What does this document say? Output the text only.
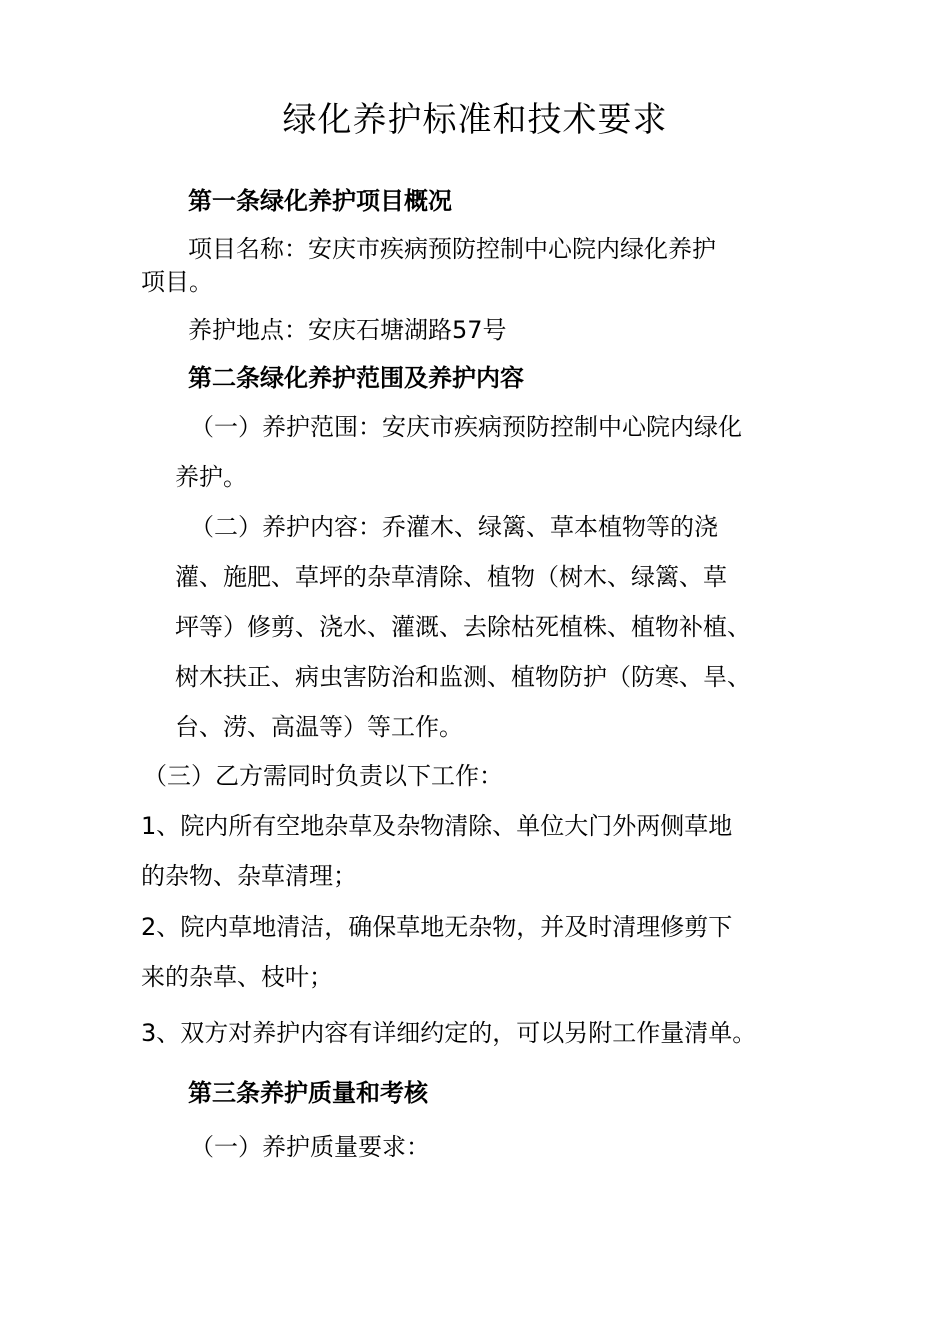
绿化养护标准和技术要求
第一条绿化养护项目概况
项目名称：安庆市疾病预防控制中心院内绿化养护
项目。
养护地点：安庆石塘湖路57号
第二条绿化养护范围及养护内容
（一）养护范围：安庆市疾病预防控制中心院内绿化
养护。
（二）养护内容：乔灌木、绿篱、草本植物等的浇
灌、施肥、草坪的杂草清除、植物（树木、绿篱、草
坪等）修剪、浇水、灌溉、去除枯死植株、植物补植、
树木扶正、病虫害防治和监测、植物防护（防寒、旱、
台、涝、高温等）等工作。
（三）乙方需同时负责以下工作：
1、院内所有空地杂草及杂物清除、单位大门外两侧草地
的杂物、杂草清理；
2、院内草地清洁，确保草地无杂物，并及时清理修剪下
来的杂草、枝叶；
3、双方对养护内容有详细约定的，可以另附工作量清单。
第三条养护质量和考核
（一）养护质量要求：
